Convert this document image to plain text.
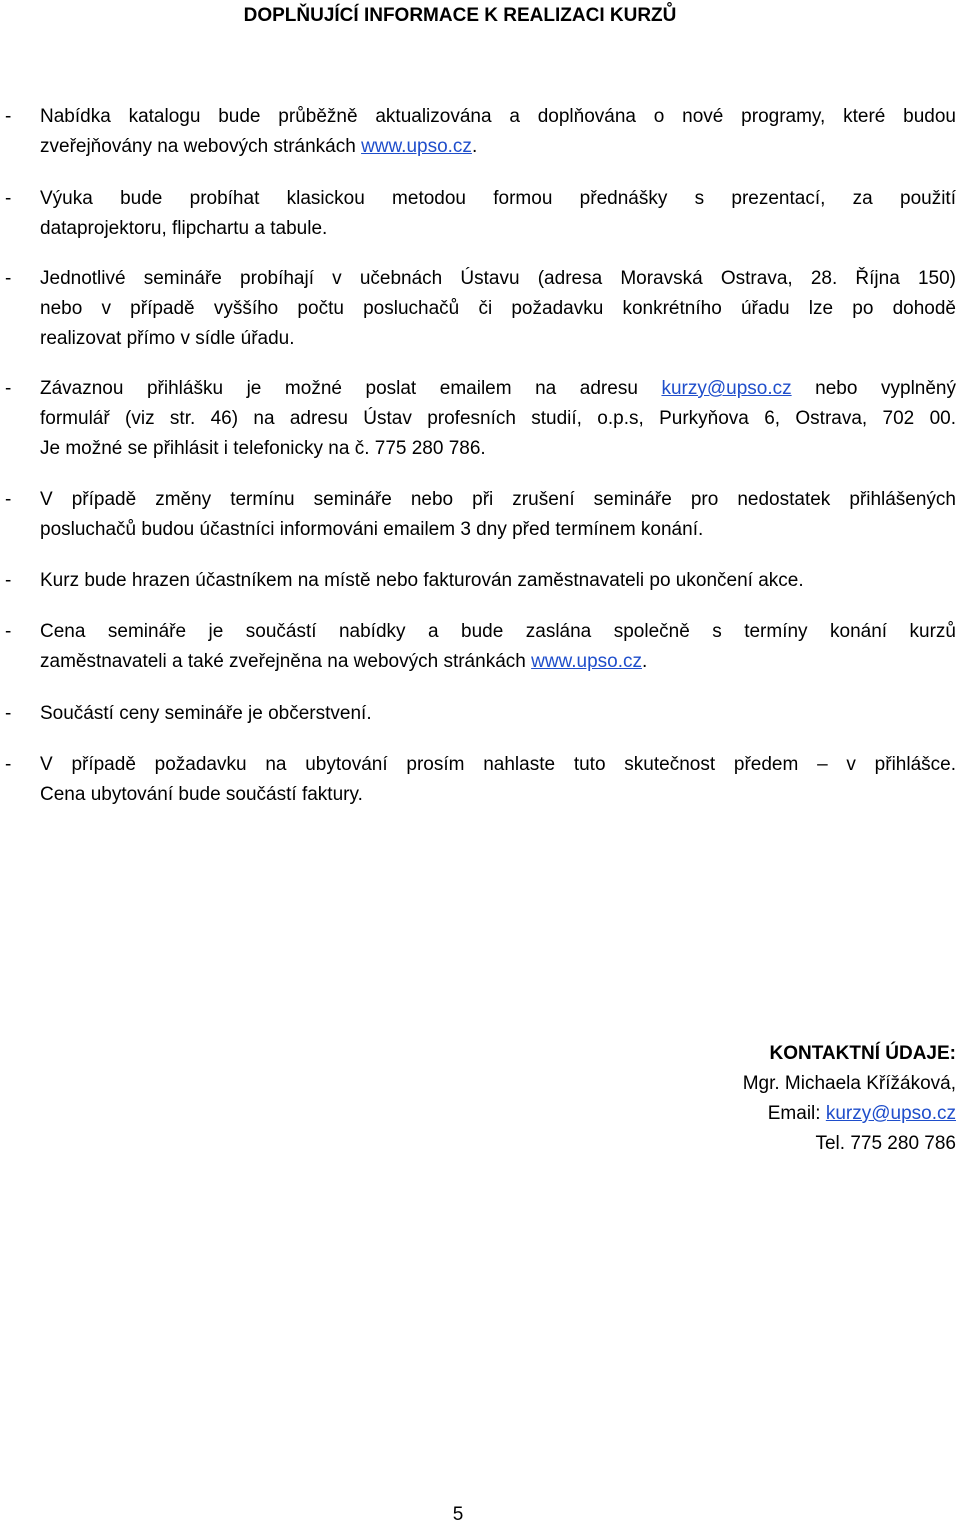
DOPLŇUJÍCÍ INFORMACE K REALIZACI KURZŮ
- Nabídka katalogu bude průběžně aktualizována a doplňována o nové programy, které budou
zveřejňovány na webových stránkách www.upso.cz.
- Výuka bude probíhat klasickou metodou formou přednášky s prezentací, za použití
dataprojektoru, flipchartu a tabule.
- Jednotlivé semináře probíhají v učebnách Ústavu (adresa Moravská Ostrava, 28. Října 150)
nebo v případě vyššího počtu posluchačů či požadavku konkrétního úřadu lze po dohodě
realizovat přímo v sídle úřadu.
- Závaznou přihlášku je možné poslat emailem na adresu kurzy@upso.cz nebo vyplněný
formulář (viz str. 46) na adresu Ústav profesních studií, o.p.s, Purkyňova 6, Ostrava, 702 00.
Je možné se přihlásit i telefonicky na č. 775 280 786.
- V případě změny termínu semináře nebo při zrušení semináře pro nedostatek přihlášených
posluchačů budou účastníci informováni emailem 3 dny před termínem konání.
- Kurz bude hrazen účastníkem na místě nebo fakturován zaměstnavateli po ukončení akce.
- Cena semináře je součástí nabídky a bude zaslána společně s termíny konání kurzů
zaměstnavateli a také zveřejněna na webových stránkách www.upso.cz.
- Součástí ceny semináře je občerstvení.
- V případě požadavku na ubytování prosím nahlaste tuto skutečnost předem – v přihlášce.
Cena ubytování bude součástí faktury.
KONTAKTNÍ ÚDAJE:
Mgr. Michaela Křížáková,
Email: kurzy@upso.cz
Tel. 775 280 786
5
